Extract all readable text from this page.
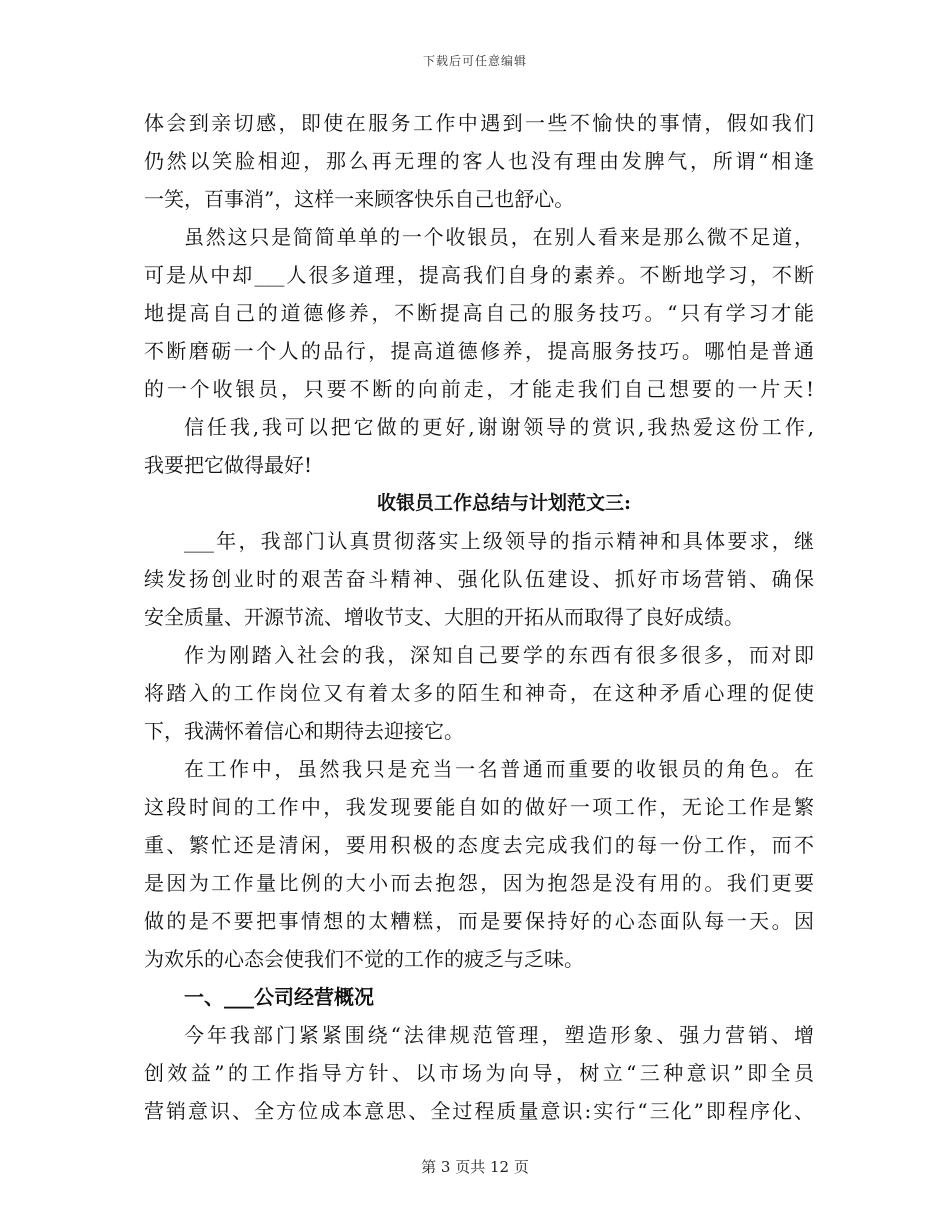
下载后可任意编辑
体会到亲切感，即使在服务工作中遇到一些不愉快的事情，假如我们
仍然以笑脸相迎，那么再无理的客人也没有理由发脾气，所谓“相逢
一笑，百事消”，这样一来顾客快乐自己也舒心。
虽然这只是简简单单的一个收银员，在别人看来是那么微不足道，
可是从中却___人很多道理，提高我们自身的素养。不断地学习，不断
地提高自己的道德修养，不断提高自己的服务技巧。“只有学习才能
不断磨砺一个人的品行，提高道德修养，提高服务技巧。哪怕是普通
的一个收银员，只要不断的向前走，才能走我们自己想要的一片天!
信任我,我可以把它做的更好,谢谢领导的赏识,我热爱这份工作,
我要把它做得最好!
收银员工作总结与计划范文三:
___年，我部门认真贯彻落实上级领导的指示精神和具体要求，继
续发扬创业时的艰苦奋斗精神、强化队伍建设、抓好市场营销、确保
安全质量、开源节流、增收节支、大胆的开拓从而取得了良好成绩。
作为刚踏入社会的我，深知自己要学的东西有很多很多，而对即
将踏入的工作岗位又有着太多的陌生和神奇，在这种矛盾心理的促使
下，我满怀着信心和期待去迎接它。
在工作中，虽然我只是充当一名普通而重要的收银员的角色。在
这段时间的工作中，我发现要能自如的做好一项工作，无论工作是繁
重、繁忙还是清闲，要用积极的态度去完成我们的每一份工作，而不
是因为工作量比例的大小而去抱怨，因为抱怨是没有用的。我们更要
做的是不要把事情想的太糟糕，而是要保持好的心态面队每一天。因
为欢乐的心态会使我们不觉的工作的疲乏与乏味。
一、___公司经营概况
今年我部门紧紧围绕“法律规范管理，塑造形象、强力营销、增
创效益”的工作指导方针、以市场为向导，树立“三种意识”即全员
营销意识、全方位成本意思、全过程质量意识:实行“三化”即程序化、
第 3 页共 12 页
